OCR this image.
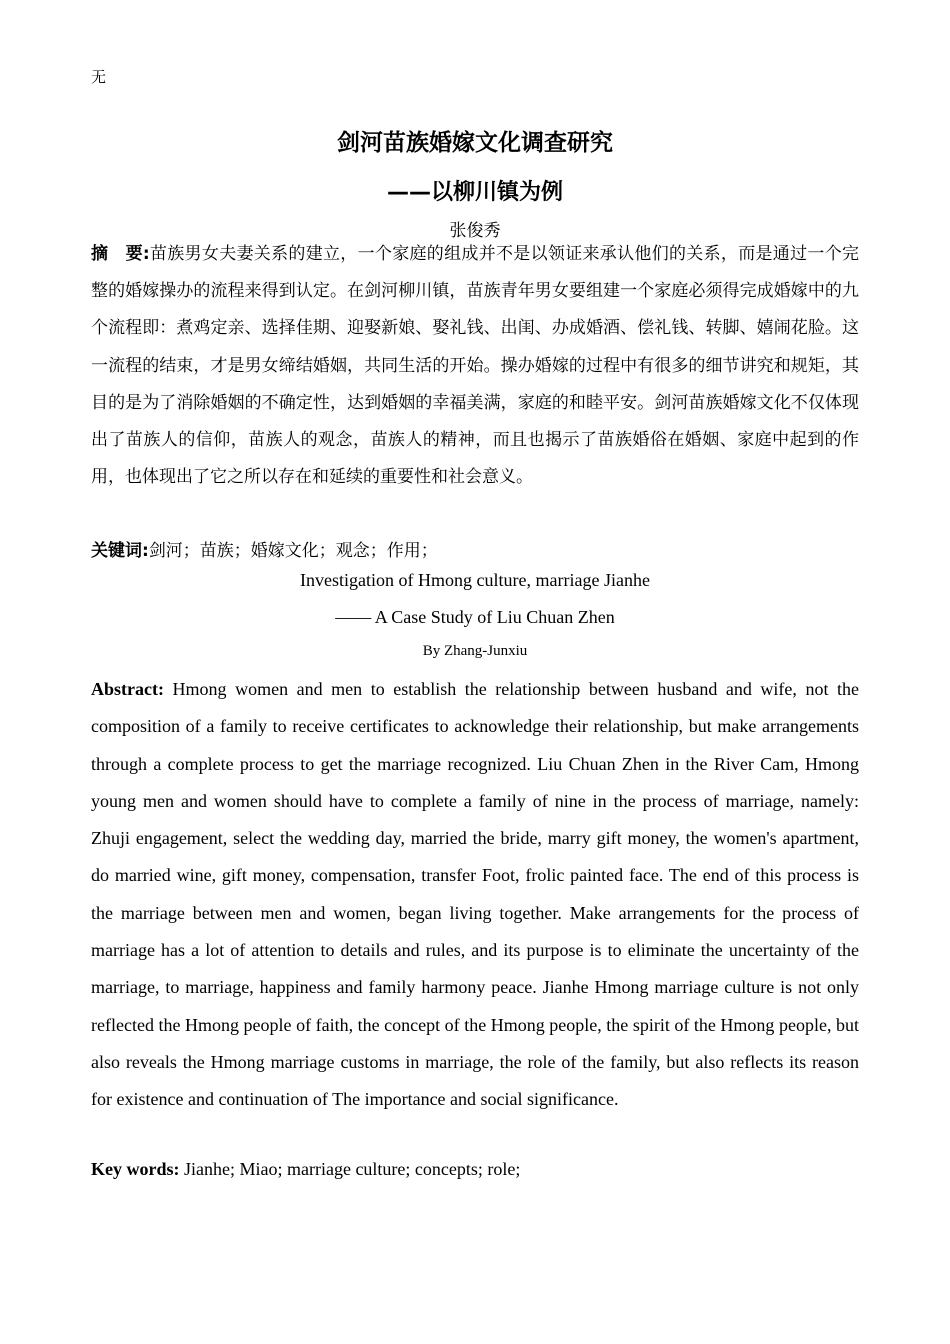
无
剑河苗族婚嫁文化调查研究
——以柳川镇为例
张俊秀

摘　要:苗族男女夫妻关系的建立，一个家庭的组成并不是以领证来承认他们的关系，而是通过一个完整的婚嫁操办的流程来得到认定。在剑河柳川镇，苗族青年男女要组建一个家庭必须得完成婚嫁中的九个流程即：煮鸡定亲、选择佳期、迎娶新娘、娶礼钱、出闺、办成婚酒、偿礼钱、转脚、嬉闹花脸。这一流程的结束，才是男女缔结婚姻，共同生活的开始。操办婚嫁的过程中有很多的细节讲究和规矩，其目的是为了消除婚姻的不确定性，达到婚姻的幸福美满，家庭的和睦平安。剑河苗族婚嫁文化不仅体现出了苗族人的信仰，苗族人的观念，苗族人的精神，而且也揭示了苗族婚俗在婚姻、家庭中起到的作用，也体现出了它之所以存在和延续的重要性和社会意义。

关键词:剑河；苗族；婚嫁文化；观念；作用；

Investigation of Hmong culture, marriage Jianhe
—— A Case Study of Liu Chuan Zhen
By Zhang-Junxiu

Abstract: Hmong women and men to establish the relationship between husband and wife, not the composition of a family to receive certificates to acknowledge their relationship, but make arrangements through a complete process to get the marriage recognized. Liu Chuan Zhen in the River Cam, Hmong young men and women should have to complete a family of nine in the process of marriage, namely: Zhuji engagement, select the wedding day, married the bride, marry gift money, the women's apartment, do married wine, gift money, compensation, transfer Foot, frolic painted face. The end of this process is the marriage between men and women, began living together. Make arrangements for the process of marriage has a lot of attention to details and rules, and its purpose is to eliminate the uncertainty of the marriage, to marriage, happiness and family harmony peace. Jianhe Hmong marriage culture is not only reflected the Hmong people of faith, the concept of the Hmong people, the spirit of the Hmong people, but also reveals the Hmong marriage customs in marriage, the role of the family, but also reflects its reason for existence and continuation of The importance and social significance.

Key words: Jianhe; Miao; marriage culture; concepts; role;
